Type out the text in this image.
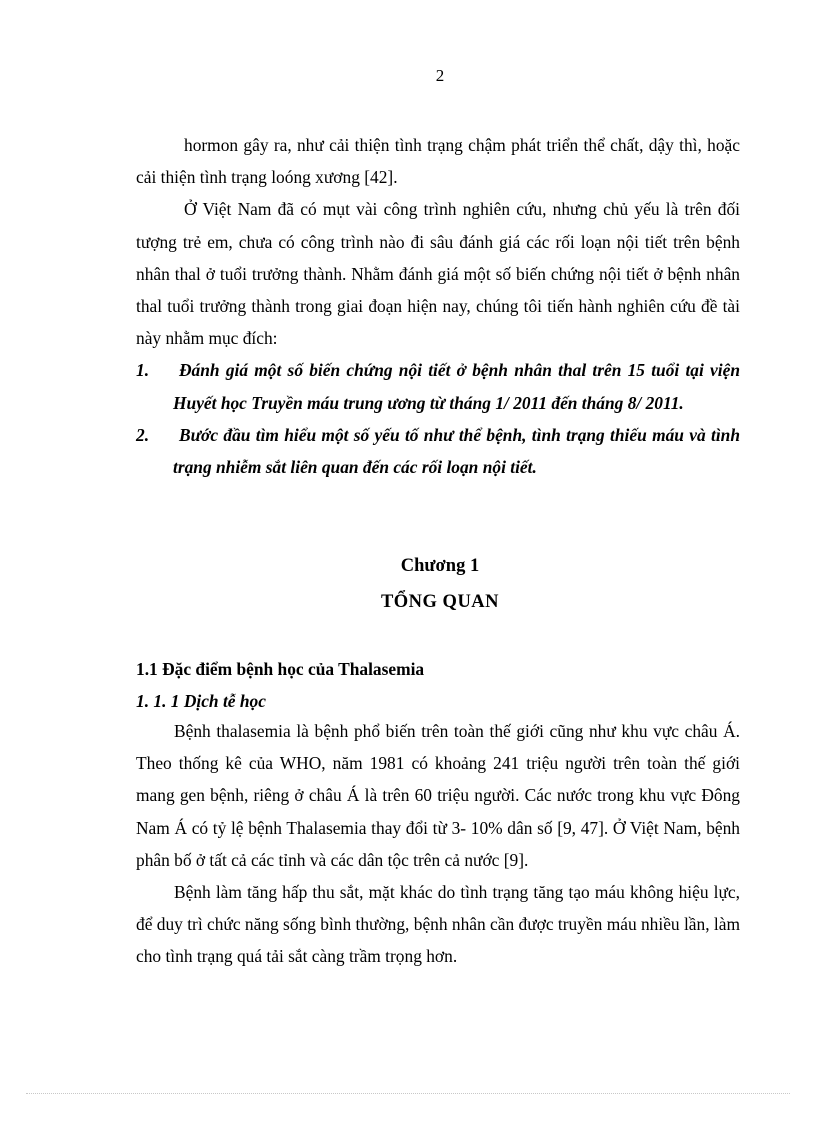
2

hormon gây ra, như cải thiện tình trạng chậm phát triển thể chất, dậy thì, hoặc cải thiện tình trạng loóng xương [42].

Ở Việt Nam đã có mụt vài công trình nghiên cứu, nhưng chủ yếu là trên đối tượng trẻ em, chưa có công trình nào đi sâu đánh giá các rối loạn nội tiết trên bệnh nhân thal ở tuổi trưởng thành. Nhằm đánh giá một số biến chứng nội tiết ở bệnh nhân thal tuổi trưởng thành trong giai đoạn hiện nay, chúng tôi tiến hành nghiên cứu đề tài này nhằm mục đích:

1.	Đánh giá một số biến chứng nội tiết ở bệnh nhân thal trên 15 tuổi tại viện Huyết học Truyền máu trung ương từ tháng 1/ 2011 đến tháng 8/ 2011.
2.	Bước đầu tìm hiểu một số yếu tố như thể bệnh, tình trạng thiếu máu và tình trạng nhiễm sắt liên quan đến các rối loạn nội tiết.
Chương 1
TỔNG QUAN
1.1 Đặc điểm bệnh học của Thalasemia
1. 1. 1 Dịch tễ học

Bệnh thalasemia là bệnh phổ biến trên toàn thế giới cũng như khu vực châu Á. Theo thống kê của WHO, năm 1981 có khoảng 241 triệu người trên toàn thế giới mang gen bệnh, riêng ở châu Á là trên 60 triệu người. Các nước trong khu vực Đông Nam Á có tỷ lệ bệnh Thalasemia thay đổi từ 3- 10% dân số [9, 47]. Ở Việt Nam, bệnh phân bố ở tất cả các tỉnh và các dân tộc trên cả nước [9].

Bệnh làm tăng hấp thu sắt, mặt khác do tình trạng tăng tạo máu không hiệu lực, để duy trì chức năng sống bình thường, bệnh nhân cần được truyền máu nhiều lần, làm cho tình trạng quá tải sắt càng trầm trọng hơn.
